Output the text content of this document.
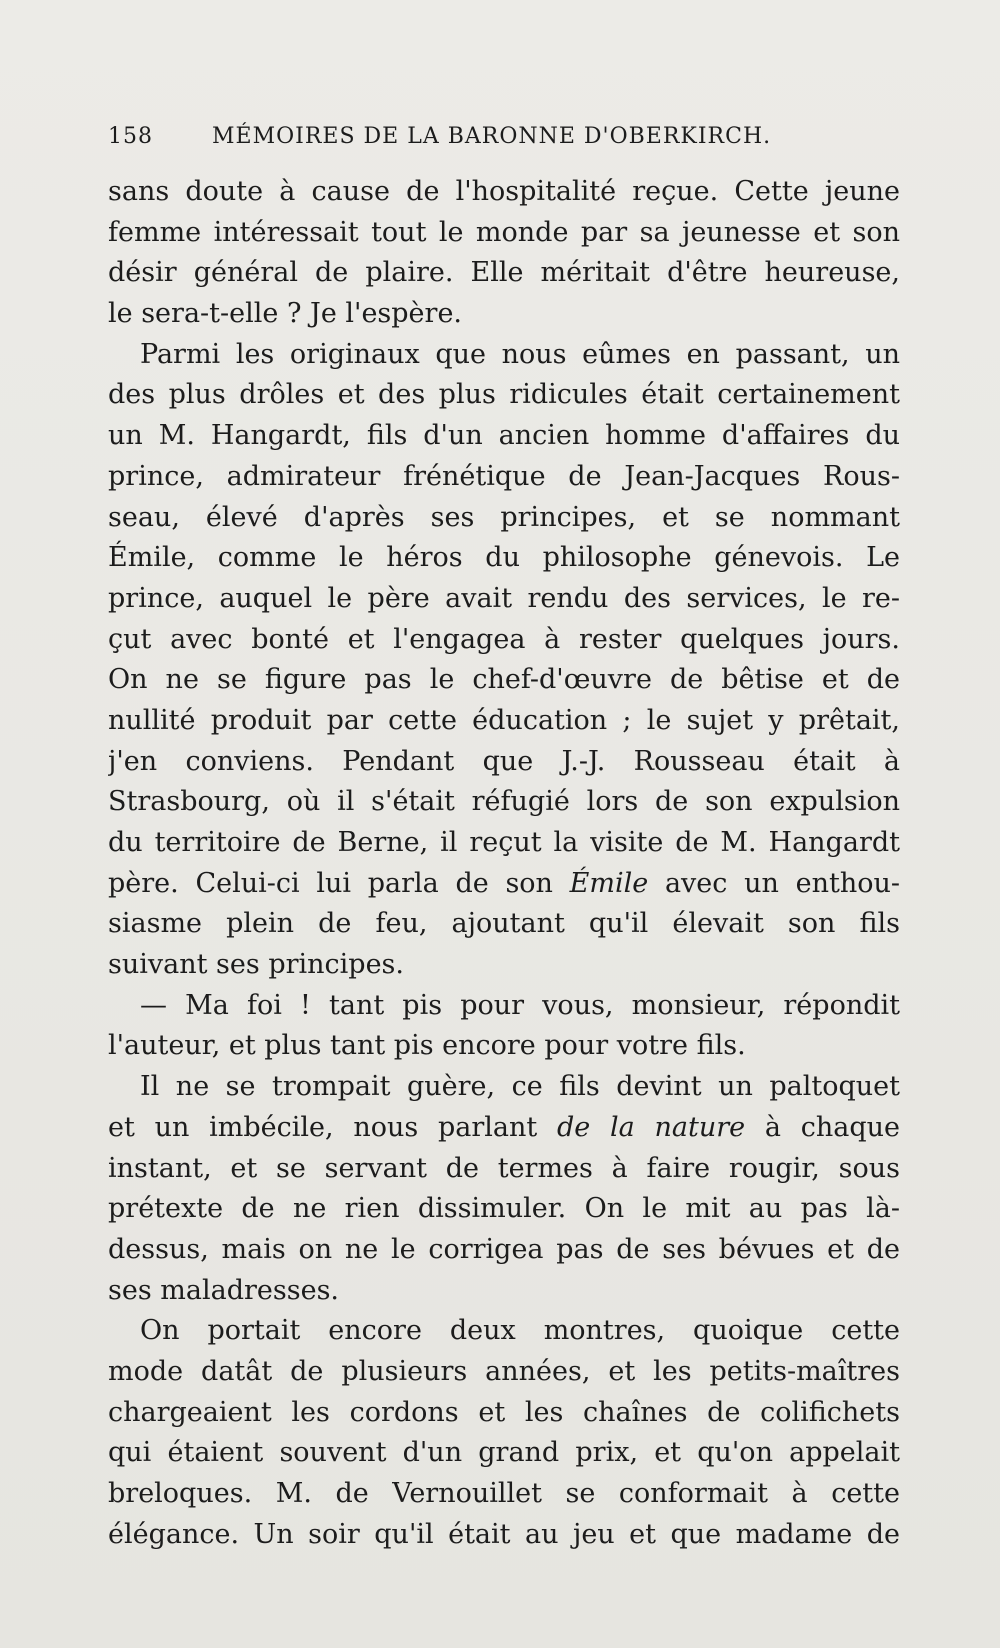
158	MÉMOIRES DE LA BARONNE D'OBERKIRCH.
sans doute à cause de l'hospitalité reçue. Cette jeune
femme intéressait tout le monde par sa jeunesse et son
désir général de plaire. Elle méritait d'être heureuse,
le sera-t-elle ? Je l'espère.
Parmi les originaux que nous eûmes en passant, un
des plus drôles et des plus ridicules était certainement
un M. Hangardt, fils d'un ancien homme d'affaires du
prince, admirateur frénétique de Jean-Jacques Rous-
seau, élevé d'après ses principes, et se nommant
Émile, comme le héros du philosophe génevois. Le
prince, auquel le père avait rendu des services, le re-
çut avec bonté et l'engagea à rester quelques jours.
On ne se figure pas le chef-d'œuvre de bêtise et de
nullité produit par cette éducation ; le sujet y prêtait,
j'en conviens. Pendant que J.-J. Rousseau était à
Strasbourg, où il s'était réfugié lors de son expulsion
du territoire de Berne, il reçut la visite de M. Hangardt
père. Celui-ci lui parla de son Émile avec un enthou-
siasme plein de feu, ajoutant qu'il élevait son fils
suivant ses principes.
— Ma foi ! tant pis pour vous, monsieur, répondit
l'auteur, et plus tant pis encore pour votre fils.
Il ne se trompait guère, ce fils devint un paltoquet
et un imbécile, nous parlant de la nature à chaque
instant, et se servant de termes à faire rougir, sous
prétexte de ne rien dissimuler. On le mit au pas là-
dessus, mais on ne le corrigea pas de ses bévues et de
ses maladresses.
On portait encore deux montres, quoique cette
mode datât de plusieurs années, et les petits-maîtres
chargeaient les cordons et les chaînes de colifichets
qui étaient souvent d'un grand prix, et qu'on appelait
breloques. M. de Vernouillet se conformait à cette
élégance. Un soir qu'il était au jeu et que madame de
